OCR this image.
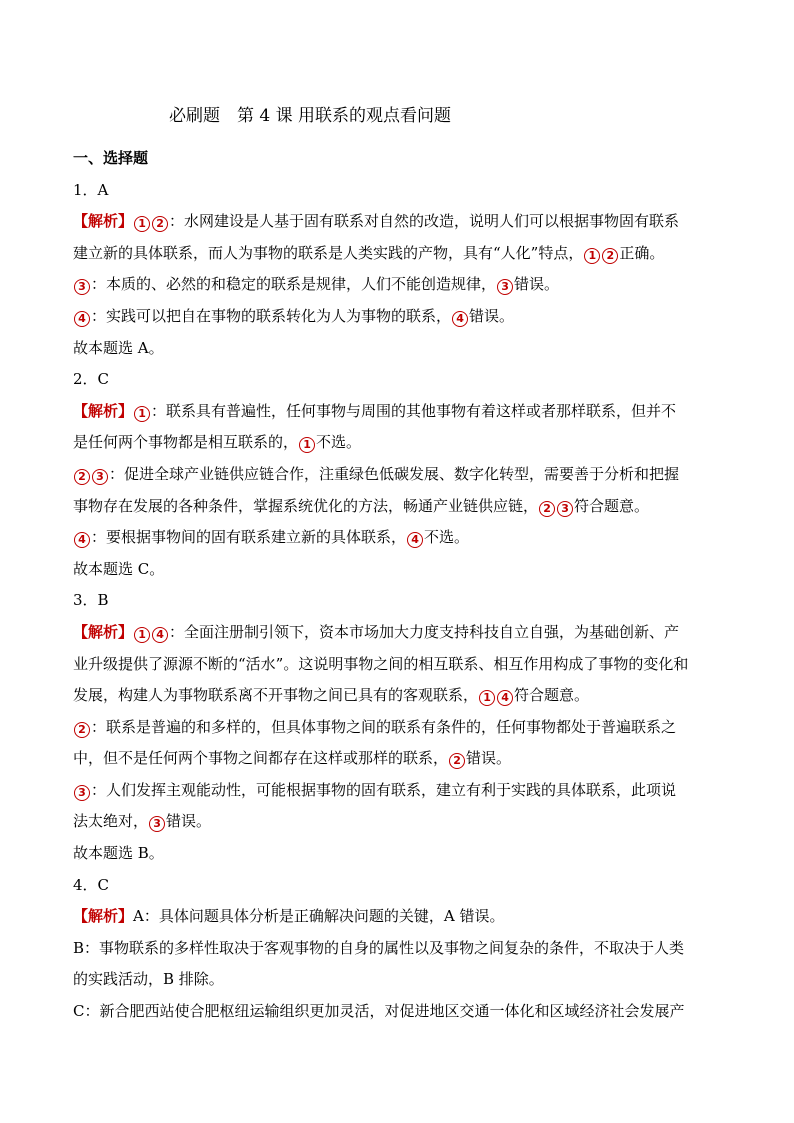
必刷题　第 4 课 用联系的观点看问题
一、选择题
1．A
【解析】 1 2 ：水网建设是人基于固有联系对自然的改造，说明人们可以根据事物固有联系
建立新的具体联系，而人为事物的联系是人类实践的产物，具有“人化”特点， 1 2 正确。
3 ：本质的、必然的和稳定的联系是规律，人们不能创造规律， 3 错误。
4 ：实践可以把自在事物的联系转化为人为事物的联系， 4 错误。
故本题选 A。
2．C
【解析】 1 ：联系具有普遍性，任何事物与周围的其他事物有着这样或者那样联系，但并不
是任何两个事物都是相互联系的， 1 不选。
2 3 ：促进全球产业链供应链合作，注重绿色低碳发展、数字化转型，需要善于分析和把握
事物存在发展的各种条件，掌握系统优化的方法，畅通产业链供应链， 2 3 符合题意。
4 ：要根据事物间的固有联系建立新的具体联系， 4 不选。
故本题选 C。
3．B
【解析】 1 4 ：全面注册制引领下，资本市场加大力度支持科技自立自强，为基础创新、产
业升级提供了源源不断的“活水”。这说明事物之间的相互联系、相互作用构成了事物的变化和
发展，构建人为事物联系离不开事物之间已具有的客观联系， 1 4 符合题意。
2 ：联系是普遍的和多样的，但具体事物之间的联系有条件的，任何事物都处于普遍联系之
中，但不是任何两个事物之间都存在这样或那样的联系， 2 错误。
3 ：人们发挥主观能动性，可能根据事物的固有联系，建立有利于实践的具体联系，此项说
法太绝对， 3 错误。
故本题选 B。
4．C
【解析】A：具体问题具体分析是正确解决问题的关键，A 错误。
B：事物联系的多样性取决于客观事物的自身的属性以及事物之间复杂的条件，不取决于人类
的实践活动，B 排除。
C：新合肥西站使合肥枢纽运输组织更加灵活，对促进地区交通一体化和区域经济社会发展产
